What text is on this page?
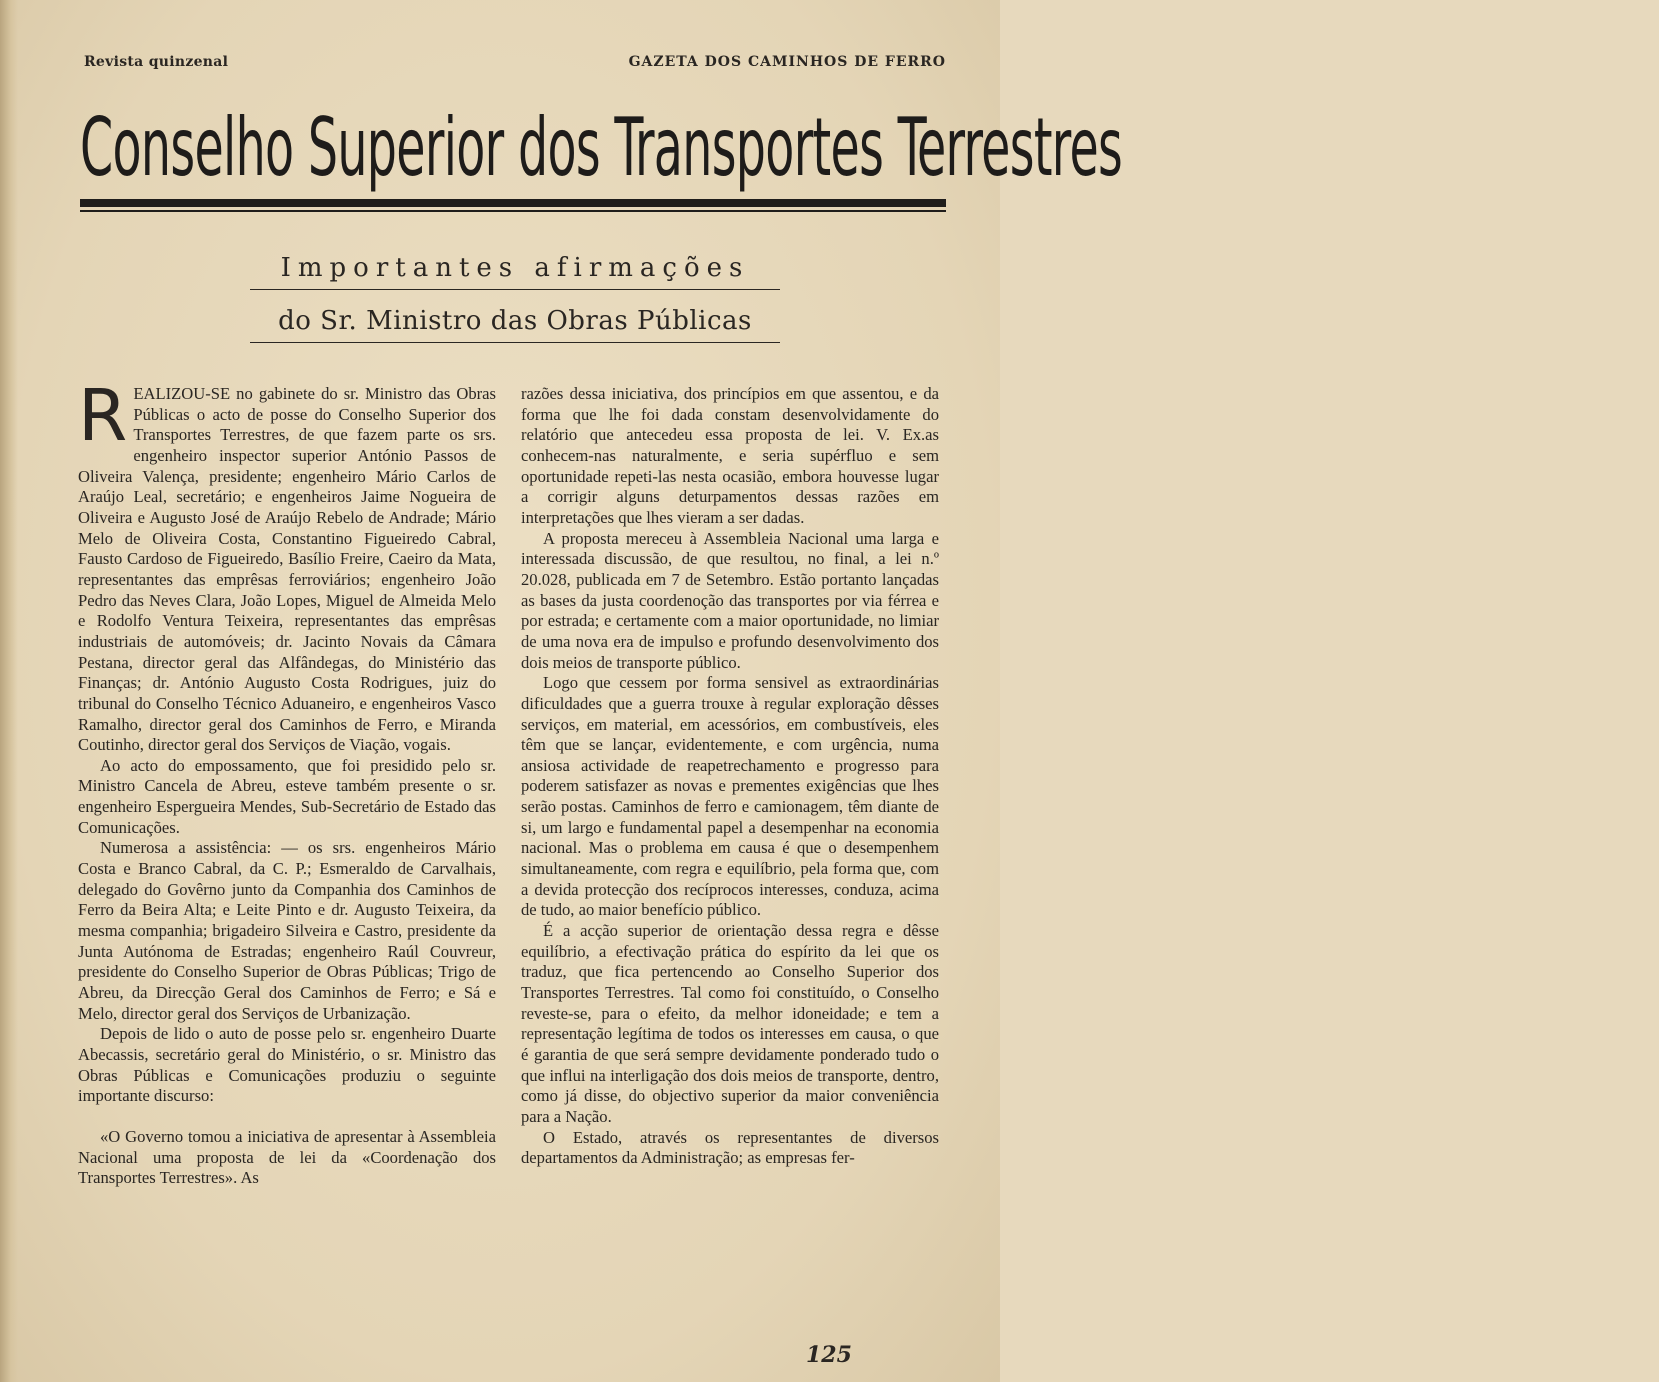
Revista quinzenal	GAZETA DOS CAMINHOS DE FERRO
Conselho Superior dos Transportes Terrestres
Importantes afirmações
do Sr. Ministro das Obras Públicas

REALIZOU-SE no gabinete do sr. Ministro das Obras Públicas o acto de posse do Conselho Superior dos Transportes Terrestres, de que fazem parte os srs. engenheiro inspector superior António Passos de Oliveira Valença, presidente; engenheiro Mário Carlos de Araújo Leal, secretário; e engenheiros Jaime Nogueira de Oliveira e Augusto José de Araújo Rebelo de Andrade; Mário Melo de Oliveira Costa, Constantino Figueiredo Cabral, Fausto Cardoso de Figueiredo, Basílio Freire, Caeiro da Mata, representantes das emprêsas ferroviários; engenheiro João Pedro das Neves Clara, João Lopes, Miguel de Almeida Melo e Rodolfo Ventura Teixeira, representantes das emprêsas industriais de automóveis; dr. Jacinto Novais da Câmara Pestana, director geral das Alfândegas, do Ministério das Finanças; dr. António Augusto Costa Rodrigues, juiz do tribunal do Conselho Técnico Aduaneiro, e engenheiros Vasco Ramalho, director geral dos Caminhos de Ferro, e Miranda Coutinho, director geral dos Serviços de Viação, vogais.

Ao acto do empossamento, que foi presidido pelo sr. Ministro Cancela de Abreu, esteve também presente o sr. engenheiro Espergueira Mendes, Sub-Secretário de Estado das Comunicações.

Numerosa a assistência: — os srs. engenheiros Mário Costa e Branco Cabral, da C. P.; Esmeraldo de Carvalhais, delegado do Govêrno junto da Companhia dos Caminhos de Ferro da Beira Alta; e Leite Pinto e dr. Augusto Teixeira, da mesma companhia; brigadeiro Silveira e Castro, presidente da Junta Autónoma de Estradas; engenheiro Raúl Couvreur, presidente do Conselho Superior de Obras Públicas; Trigo de Abreu, da Direcção Geral dos Caminhos de Ferro; e Sá e Melo, director geral dos Serviços de Urbanização.

Depois de lido o auto de posse pelo sr. engenheiro Duarte Abecassis, secretário geral do Ministério, o sr. Ministro das Obras Públicas e Comunicações produziu o seguinte importante discurso:

«O Governo tomou a iniciativa de apresentar à Assembleia Nacional uma proposta de lei da «Coordenação dos Transportes Terrestres». As

razões dessa iniciativa, dos princípios em que assentou, e da forma que lhe foi dada constam desenvolvidamente do relatório que antecedeu essa proposta de lei. V. Ex.as conhecem-nas naturalmente, e seria supérfluo e sem oportunidade repeti-las nesta ocasião, embora houvesse lugar a corrigir alguns deturpamentos dessas razões em interpretações que lhes vieram a ser dadas.

A proposta mereceu à Assembleia Nacional uma larga e interessada discussão, de que resultou, no final, a lei n.º 20.028, publicada em 7 de Setembro. Estão portanto lançadas as bases da justa coordenoção das transportes por via férrea e por estrada; e certamente com a maior oportunidade, no limiar de uma nova era de impulso e profundo desenvolvimento dos dois meios de transporte público.

Logo que cessem por forma sensivel as extraordinárias dificuldades que a guerra trouxe à regular exploração dêsses serviços, em material, em acessórios, em combustíveis, eles têm que se lançar, evidentemente, e com urgência, numa ansiosa actividade de reapetrechamento e progresso para poderem satisfazer as novas e prementes exigências que lhes serão postas. Caminhos de ferro e camionagem, têm diante de si, um largo e fundamental papel a desempenhar na economia nacional. Mas o problema em causa é que o desempenhem simultaneamente, com regra e equilíbrio, pela forma que, com a devida protecção dos recíprocos interesses, conduza, acima de tudo, ao maior benefício público.

É a acção superior de orientação dessa regra e dêsse equilíbrio, a efectivação prática do espírito da lei que os traduz, que fica pertencendo ao Conselho Superior dos Transportes Terrestres. Tal como foi constituído, o Conselho reveste-se, para o efeito, da melhor idoneidade; e tem a representação legítima de todos os interesses em causa, o que é garantia de que será sempre devidamente ponderado tudo o que influi na interligação dos dois meios de transporte, dentro, como já disse, do objectivo superior da maior conveniência para a Nação.

O Estado, através os representantes de diversos departamentos da Administração; as empresas fer-

125
